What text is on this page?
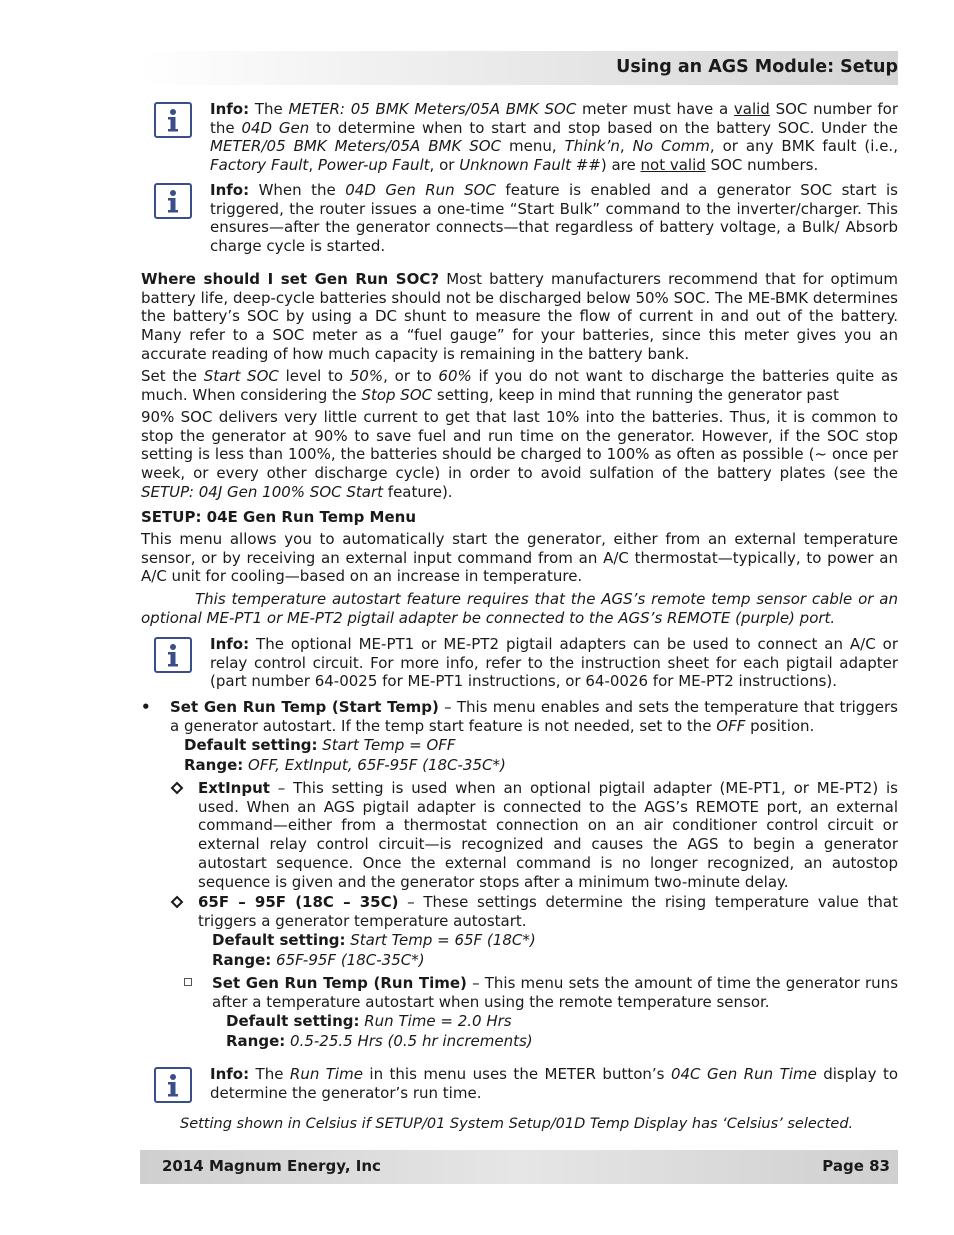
Using an AGS Module: Setup
Info: The METER: 05 BMK Meters/05A BMK SOC meter must have a valid SOC number for the 04D Gen to determine when to start and stop based on the battery SOC. Under the METER/05 BMK Meters/05A BMK SOC menu, Think’n, No Comm, or any BMK fault (i.e., Factory Fault, Power-up Fault, or Unknown Fault ##) are not valid SOC numbers.
Info: When the 04D Gen Run SOC feature is enabled and a generator SOC start is triggered, the router issues a one-time “Start Bulk” command to the inverter/charger. This ensures—after the generator connects—that regardless of battery voltage, a Bulk/ Absorb charge cycle is started.
Where should I set Gen Run SOC? Most battery manufacturers recommend that for optimum battery life, deep-cycle batteries should not be discharged below 50% SOC. The ME-BMK determines the battery’s SOC by using a DC shunt to measure the flow of current in and out of the battery. Many refer to a SOC meter as a “fuel gauge” for your batteries, since this meter gives you an accurate reading of how much capacity is remaining in the battery bank.
Set the Start SOC level to 50%, or to 60% if you do not want to discharge the batteries quite as much. When considering the Stop SOC setting, keep in mind that running the generator past
90% SOC delivers very little current to get that last 10% into the batteries. Thus, it is common to stop the generator at 90% to save fuel and run time on the generator. However, if the SOC stop setting is less than 100%, the batteries should be charged to 100% as often as possible (~ once per week, or every other discharge cycle) in order to avoid sulfation of the battery plates (see the SETUP: 04J Gen 100% SOC Start feature).
SETUP: 04E Gen Run Temp Menu
This menu allows you to automatically start the generator, either from an external temperature sensor, or by receiving an external input command from an A/C thermostat—typically, to power an A/C unit for cooling—based on an increase in temperature.
This temperature autostart feature requires that the AGS’s remote temp sensor cable or an optional ME-PT1 or ME-PT2 pigtail adapter be connected to the AGS’s REMOTE (purple) port.
Info: The optional ME-PT1 or ME-PT2 pigtail adapters can be used to connect an A/C or relay control circuit. For more info, refer to the instruction sheet for each pigtail adapter (part number 64-0025 for ME-PT1 instructions, or 64-0026 for ME-PT2 instructions).
• Set Gen Run Temp (Start Temp) – This menu enables and sets the temperature that triggers a generator autostart. If the temp start feature is not needed, set to the OFF position.
Default setting: Start Temp = OFF
Range: OFF, ExtInput, 65F-95F (18C-35C*)
ExtInput – This setting is used when an optional pigtail adapter (ME-PT1, or ME-PT2) is used. When an AGS pigtail adapter is connected to the AGS’s REMOTE port, an external command—either from a thermostat connection on an air conditioner control circuit or external relay control circuit—is recognized and causes the AGS to begin a generator autostart sequence. Once the external command is no longer recognized, an autostop sequence is given and the generator stops after a minimum two-minute delay.
65F – 95F (18C – 35C) – These settings determine the rising temperature value that triggers a generator temperature autostart.
Default setting: Start Temp = 65F (18C*)
Range: 65F-95F (18C-35C*)
Set Gen Run Temp (Run Time) – This menu sets the amount of time the generator runs after a temperature autostart when using the remote temperature sensor.
Default setting: Run Time = 2.0 Hrs
Range: 0.5-25.5 Hrs (0.5 hr increments)
Info: The Run Time in this menu uses the METER button’s 04C Gen Run Time display to determine the generator’s run time.
Setting shown in Celsius if SETUP/01 System Setup/01D Temp Display has ‘Celsius’ selected.
2014 Magnum Energy, Inc	Page 83
